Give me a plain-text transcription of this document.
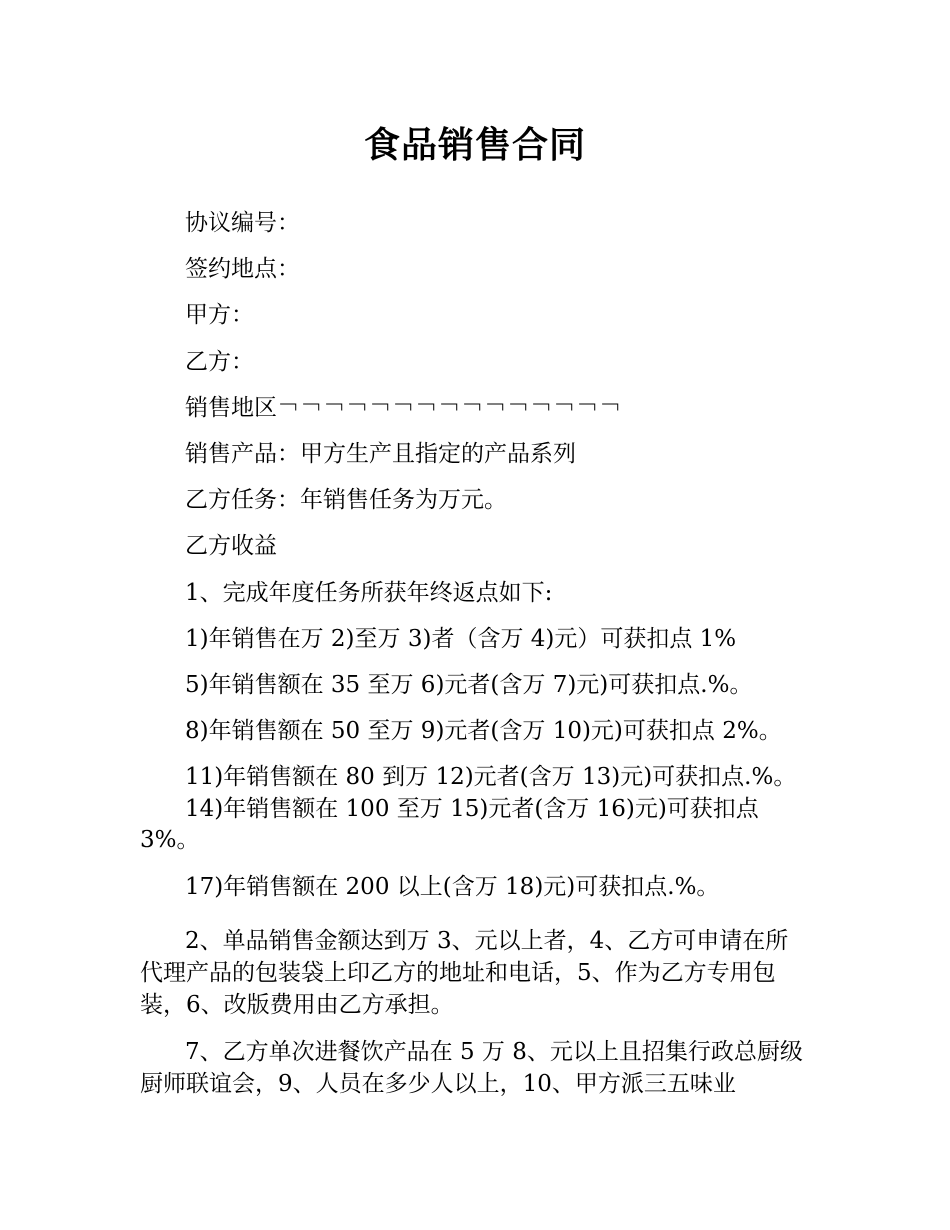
食品销售合同

协议编号：

签约地点：

甲方：

乙方：

销售地区￢￢￢￢￢￢￢￢￢￢￢￢￢￢￢

销售产品：甲方生产且指定的产品系列

乙方任务：年销售任务为万元。

乙方收益

1、完成年度任务所获年终返点如下:

1)年销售在万 2)至万 3)者（含万 4)元）可获扣点 1%

5)年销售额在 35 至万 6)元者(含万 7)元)可获扣点.%。

8)年销售额在 50 至万 9)元者(含万 10)元)可获扣点 2%。

11)年销售额在 80 到万 12)元者(含万 13)元)可获扣点.%。

14)年销售额在 100 至万 15)元者(含万 16)元)可获扣点 3%。

17)年销售额在 200 以上(含万 18)元)可获扣点.%。

2、单品销售金额达到万 3、元以上者，4、乙方可申请在所代理产品的包装袋上印乙方的地址和电话，5、作为乙方专用包装，6、改版费用由乙方承担。

7、乙方单次进餐饮产品在 5 万 8、元以上且招集行政总厨级厨师联谊会，9、人员在多少人以上，10、甲方派三五味业
